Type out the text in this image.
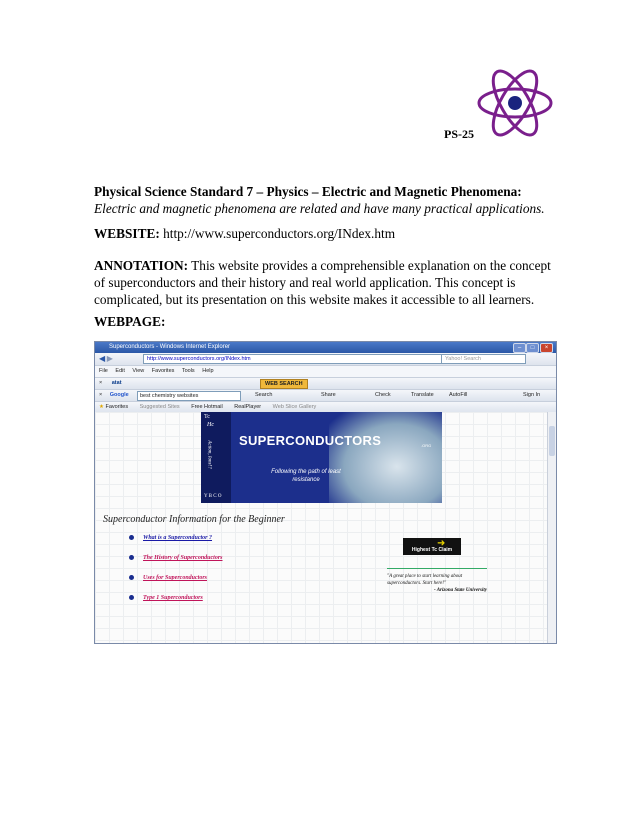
PS-25
Physical Science Standard 7 – Physics – Electric and Magnetic Phenomena: Electric and magnetic phenomena are related and have many practical applications.
WEBSITE: http://www.superconductors.org/INdex.htm
ANNOTATION: This website provides a comprehensible explanation on the concept of superconductors and their history and real world application. This concept is complicated, but its presentation on this website makes it accessible to all learners.
WEBPAGE:
Superconductors - Windows Internet Explorer	–	□	×
◀ ▶	http://www.superconductors.org/INdex.htm	Yahoo! Search
File Edit View Favorites Tools Help
× atat	WEB SEARCH
× Google	best chemistry websites	Search	Share	Check	Translate	AutoFill	Sign In
★ Favorites Suggested Sites Free Hotmail RealPlayer Web Slice Gallery
Tc
Hc
Action, Ions!?
Y B C O
SUPERCONDUCTORS	.ORG
Following the path of least resistance
Superconductor Information for the Beginner
What is a Superconductor ?
The History of Superconductors
Uses for Superconductors
Type 1 Superconductors
➜
Highest Tc Claim
"A great place to start learning about superconductors. Start here!"
- Arizona State University
